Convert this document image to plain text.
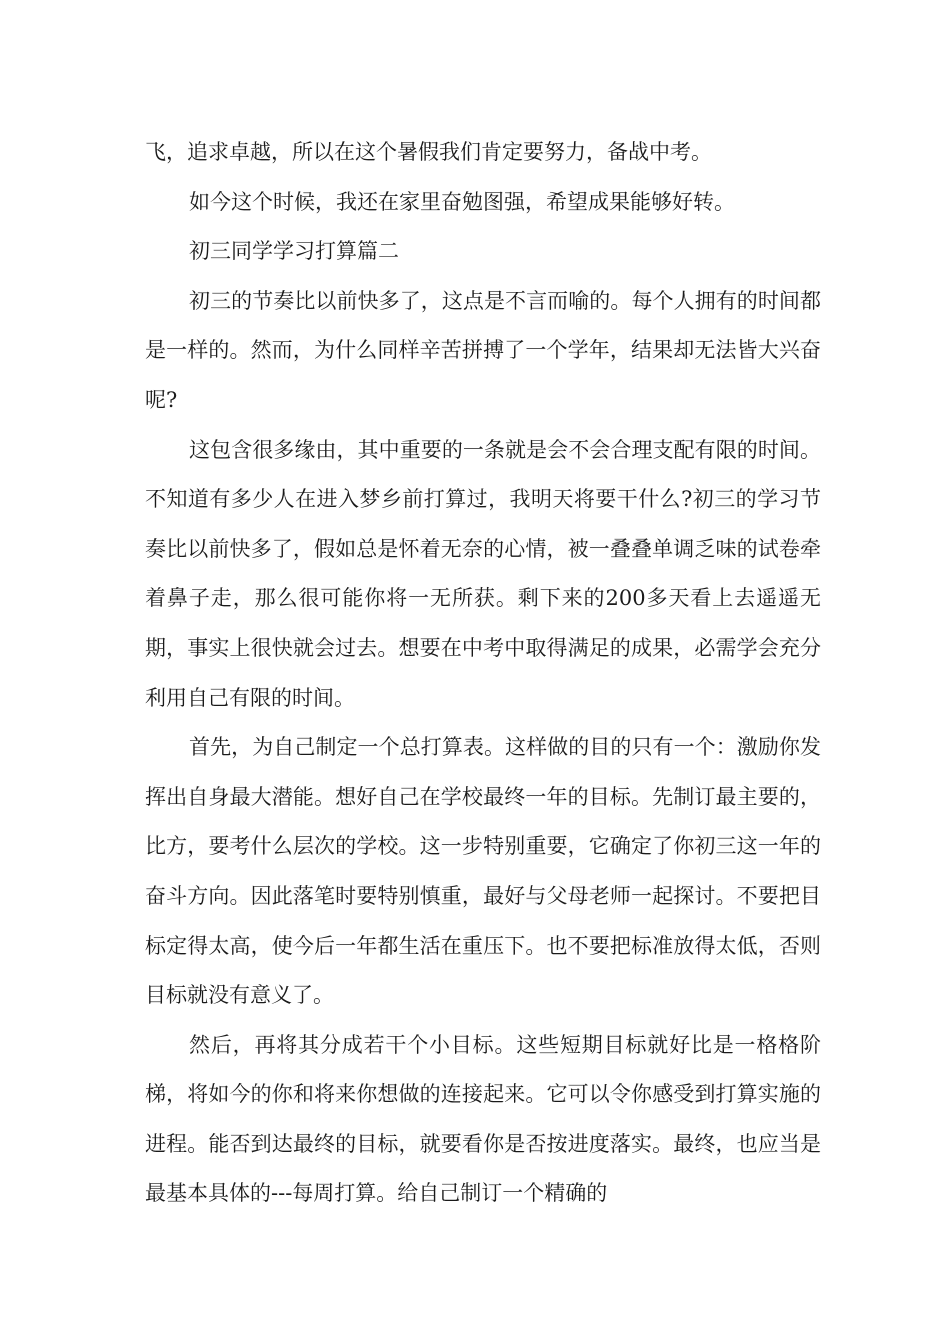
飞，追求卓越，所以在这个暑假我们肯定要努力，备战中考。

如今这个时候，我还在家里奋勉图强，希望成果能够好转。

初三同学学习打算篇二

初三的节奏比以前快多了，这点是不言而喻的。每个人拥有的时间都是一样的。然而，为什么同样辛苦拼搏了一个学年，结果却无法皆大兴奋呢?

这包含很多缘由，其中重要的一条就是会不会合理支配有限的时间。不知道有多少人在进入梦乡前打算过，我明天将要干什么?初三的学习节奏比以前快多了，假如总是怀着无奈的心情，被一叠叠单调乏味的试卷牵着鼻子走，那么很可能你将一无所获。剩下来的200多天看上去遥遥无期，事实上很快就会过去。想要在中考中取得满足的成果，必需学会充分利用自己有限的时间。

首先，为自己制定一个总打算表。这样做的目的只有一个：激励你发挥出自身最大潜能。想好自己在学校最终一年的目标。先制订最主要的，比方，要考什么层次的学校。这一步特别重要，它确定了你初三这一年的奋斗方向。因此落笔时要特别慎重，最好与父母老师一起探讨。不要把目标定得太高，使今后一年都生活在重压下。也不要把标准放得太低，否则目标就没有意义了。

然后，再将其分成若干个小目标。这些短期目标就好比是一格格阶梯，将如今的你和将来你想做的连接起来。它可以令你感受到打算实施的进程。能否到达最终的目标，就要看你是否按进度落实。最终，也应当是最基本具体的---每周打算。给自己制订一个精确的
